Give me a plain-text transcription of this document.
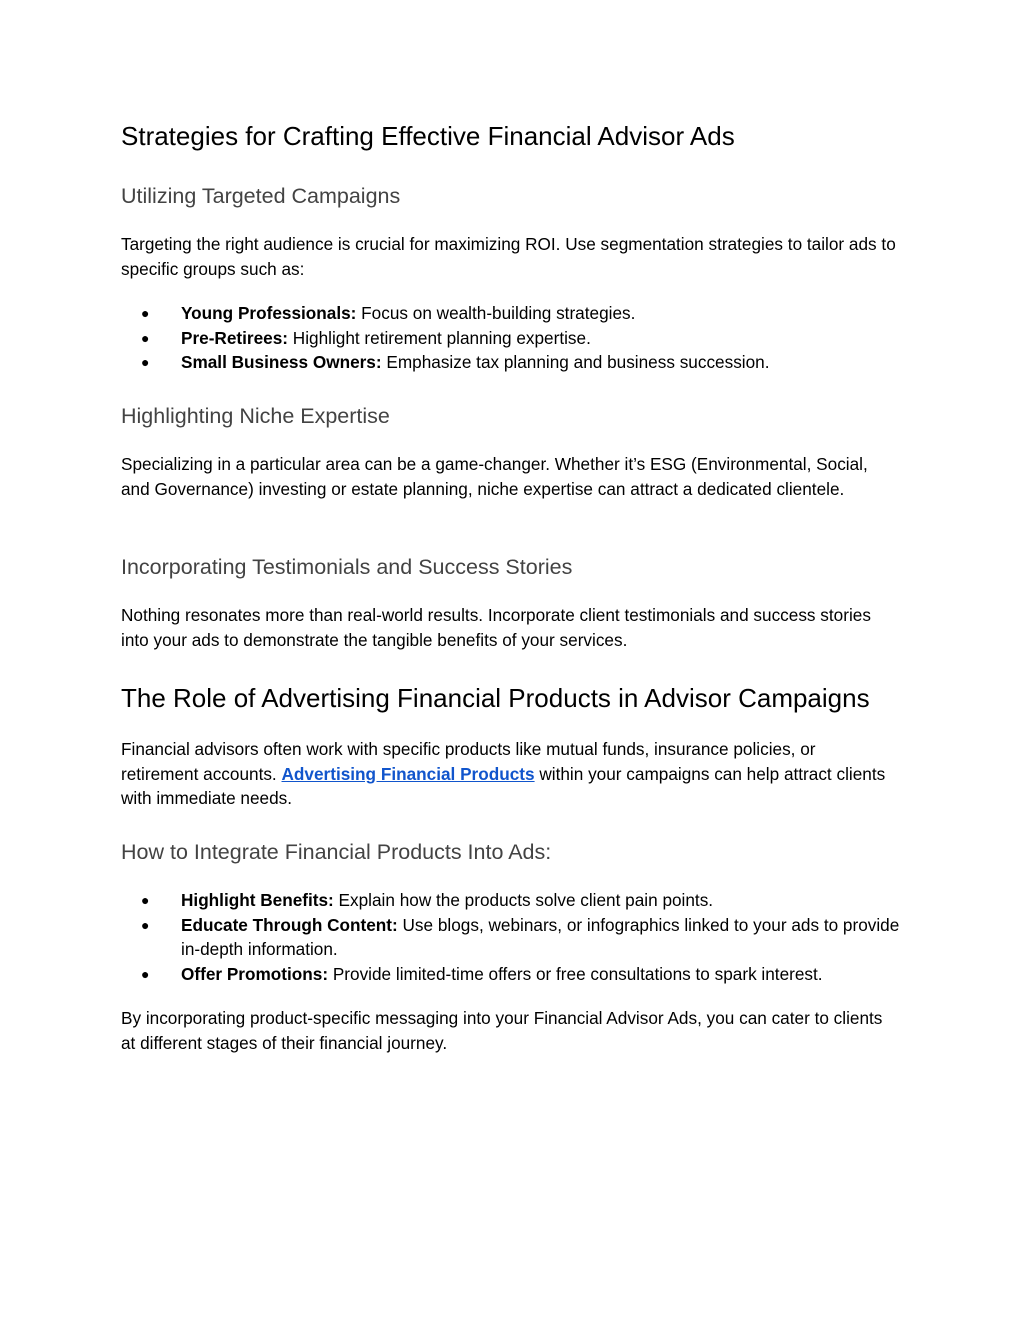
Strategies for Crafting Effective Financial Advisor Ads
Utilizing Targeted Campaigns

Targeting the right audience is crucial for maximizing ROI. Use segmentation strategies to tailor ads to specific groups such as:

● Young Professionals: Focus on wealth-building strategies.
● Pre-Retirees: Highlight retirement planning expertise.
● Small Business Owners: Emphasize tax planning and business succession.
Highlighting Niche Expertise

Specializing in a particular area can be a game-changer. Whether it’s ESG (Environmental, Social, and Governance) investing or estate planning, niche expertise can attract a dedicated clientele.

Incorporating Testimonials and Success Stories

Nothing resonates more than real-world results. Incorporate client testimonials and success stories into your ads to demonstrate the tangible benefits of your services.

The Role of Advertising Financial Products in Advisor Campaigns

Financial advisors often work with specific products like mutual funds, insurance policies, or retirement accounts. Advertising Financial Products within your campaigns can help attract clients with immediate needs.

How to Integrate Financial Products Into Ads:
● Highlight Benefits: Explain how the products solve client pain points.
● Educate Through Content: Use blogs, webinars, or infographics linked to your ads to provide in-depth information.
● Offer Promotions: Provide limited-time offers or free consultations to spark interest.

By incorporating product-specific messaging into your Financial Advisor Ads, you can cater to clients at different stages of their financial journey.
